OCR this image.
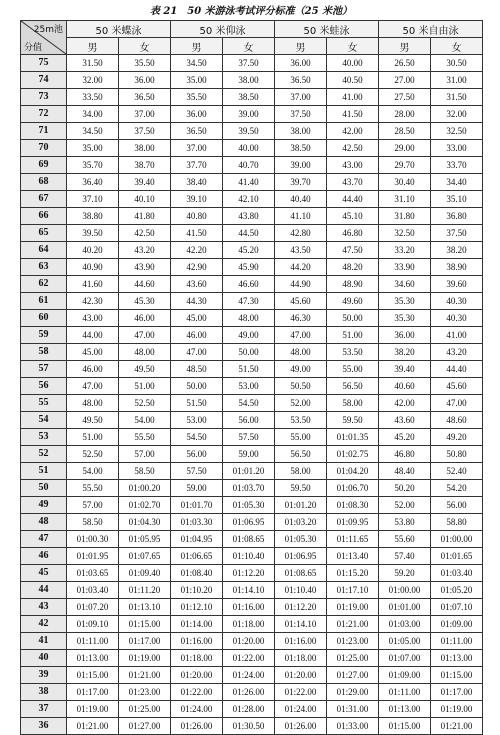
表 21　50 米游泳考试评分标准（25 米池）
25m池
分值	50 米蝶泳		50 米仰泳		50 米蛙泳		50 米自由泳	
	男	女	男	女	男	女	男	女
75	31.50	35.50	34.50	37.50	36.00	40.00	26.50	30.50
74	32.00	36.00	35.00	38.00	36.50	40.50	27.00	31.00
73	33.50	36.50	35.50	38.50	37.00	41.00	27.50	31.50
72	34.00	37.00	36.00	39.00	37.50	41.50	28.00	32.00
71	34.50	37.50	36.50	39.50	38.00	42.00	28.50	32.50
70	35.00	38.00	37.00	40.00	38.50	42.50	29.00	33.00
69	35.70	38.70	37.70	40.70	39.00	43.00	29.70	33.70
68	36.40	39.40	38.40	41.40	39.70	43.70	30.40	34.40
67	37.10	40.10	39.10	42.10	40.40	44.40	31.10	35.10
66	38.80	41.80	40.80	43.80	41.10	45.10	31.80	36.80
65	39.50	42.50	41.50	44.50	42.80	46.80	32.50	37.50
64	40.20	43.20	42.20	45.20	43.50	47.50	33.20	38.20
63	40.90	43.90	42.90	45.90	44.20	48.20	33.90	38.90
62	41.60	44.60	43.60	46.60	44.90	48.90	34.60	39.60
61	42.30	45.30	44.30	47.30	45.60	49.60	35.30	40.30
60	43.00	46.00	45.00	48.00	46.30	50.00	35.30	40.30
59	44.00	47.00	46.00	49.00	47.00	51.00	36.00	41.00
58	45.00	48.00	47.00	50.00	48.00	53.50	38.20	43.20
57	46.00	49.50	48.50	51.50	49.00	55.00	39.40	44.40
56	47.00	51.00	50.00	53.00	50.50	56.50	40.60	45.60
55	48.00	52.50	51.50	54.50	52.00	58.00	42.00	47.00
54	49.50	54.00	53.00	56.00	53.50	59.50	43.60	48.60
53	51.00	55.50	54.50	57.50	55.00	01:01.35	45.20	49.20
52	52.50	57.00	56.00	59.00	56.50	01:02.75	46.80	50.80
51	54.00	58.50	57.50	01:01.20	58.00	01:04.20	48.40	52.40
50	55.50	01:00.20	59.00	01:03.70	59.50	01:06.70	50.20	54.20
49	57.00	01:02.70	01:01.70	01:05.30	01:01.20	01:08.30	52.00	56.00
48	58.50	01:04.30	01:03.30	01:06.95	01:03.20	01:09.95	53.80	58.80
47	01:00.30	01:05.95	01:04.95	01:08.65	01:05.30	01:11.65	55.60	01:00.00
46	01:01.95	01:07.65	01:06.65	01:10.40	01:06.95	01:13.40	57.40	01:01.65
45	01:03.65	01:09.40	01:08.40	01:12.20	01:08.65	01:15.20	59.20	01:03.40
44	01:03.40	01:11.20	01:10.20	01:14.10	01:10.40	01:17.10	01:00.00	01:05.20
43	01:07.20	01:13.10	01:12.10	01:16.00	01:12.20	01:19.00	01:01.00	01:07.10
42	01:09.10	01:15.00	01:14.00	01:18.00	01:14.10	01:21.00	01:03.00	01:09.00
41	01:11.00	01:17.00	01:16.00	01:20.00	01:16.00	01:23.00	01:05.00	01:11.00
40	01:13.00	01:19.00	01:18.00	01:22.00	01:18.00	01:25.00	01:07.00	01:13.00
39	01:15.00	01:21.00	01:20.00	01:24.00	01:20.00	01:27.00	01:09.00	01:15.00
38	01:17.00	01:23.00	01:22.00	01:26.00	01:22.00	01:29.00	01:11.00	01:17.00
37	01:19.00	01:25.00	01:24.00	01:28.00	01:24.00	01:31.00	01:13.00	01:19.00
36	01:21.00	01:27.00	01:26.00	01:30.50	01:26.00	01:33.00	01:15.00	01:21.00
